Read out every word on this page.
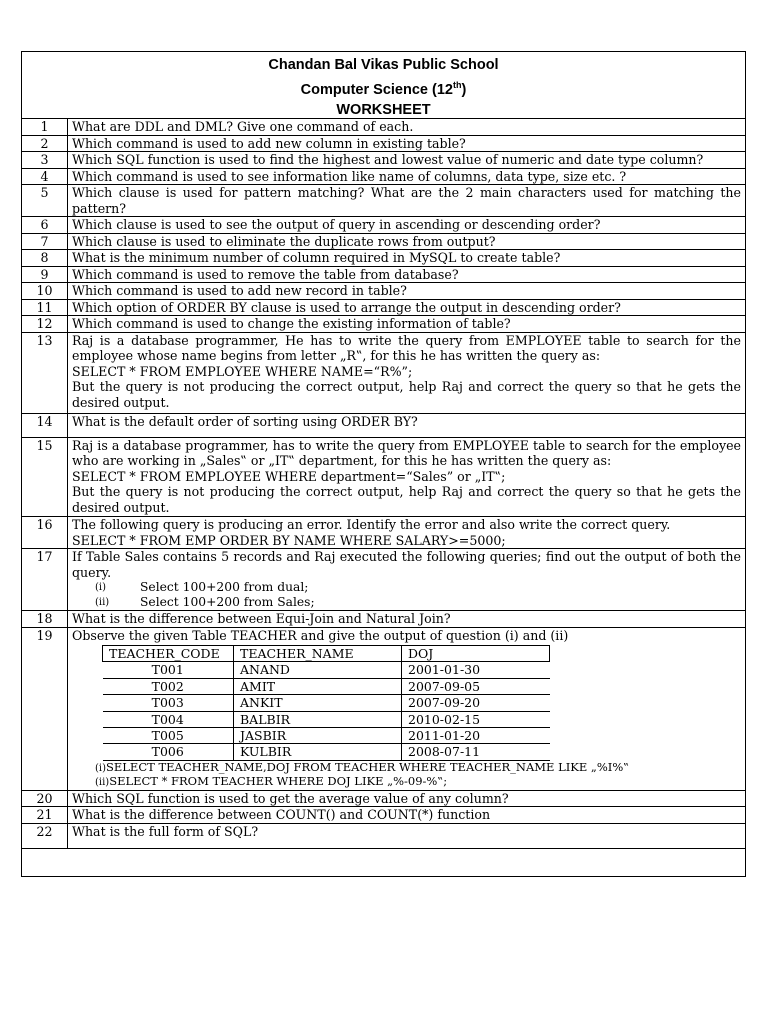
Chandan Bal Vikas Public School
Computer Science (12th)
WORKSHEET
1	What are DDL and DML? Give one command of each.

2	Which command is used to add new column in existing table?

3	Which SQL function is used to find the highest and lowest value of numeric and date type column?

4	Which command is used to see information like name of columns, data type, size etc. ?

5	Which clause is used for pattern matching? What are the 2 main characters used for matching the pattern?

6	Which clause is used to see the output of query in ascending or descending order?

7	Which clause is used to eliminate the duplicate rows from output?

8	What is the minimum number of column required in MySQL to create table?

9	Which command is used to remove the table from database?

10	Which command is used to add new record in table?

11	Which option of ORDER BY clause is used to arrange the output in descending order?

12	Which command is used to change the existing information of table?

13	Raj is a database programmer, He has to write the query from EMPLOYEE table to search for the employee whose name begins from letter „R‟, for this he has written the query as:
SELECT * FROM EMPLOYEE WHERE NAME=“R%”;
But the query is not producing the correct output, help Raj and correct the query so that he gets the desired output.

14	What is the default order of sorting using ORDER BY?

15	Raj is a database programmer, has to write the query from EMPLOYEE table to search for the employee who are working in „Sales‟ or „IT‟ department, for this he has written the query as:
SELECT * FROM EMPLOYEE WHERE department=“Sales” or „IT‟;
But the query is not producing the correct output, help Raj and correct the query so that he gets the desired output.

16	The following query is producing an error. Identify the error and also write the correct query.
SELECT * FROM EMP ORDER BY NAME WHERE SALARY>=5000;

17	If Table Sales contains 5 records and Raj executed the following queries; find out the output of both the query.
(i)	Select 100+200 from dual;
(ii)	Select 100+200 from Sales;

18	What is the difference between Equi-Join and Natural Join?

19	Observe the given Table TEACHER and give the output of question (i) and (ii)
TEACHER_CODE	TEACHER_NAME	DOJ
T001	ANAND	2001-01-30
T002	AMIT	2007-09-05
T003	ANKIT	2007-09-20
T004	BALBIR	2010-02-15
T005	JASBIR	2011-01-20
T006	KULBIR	2008-07-11
(i)SELECT TEACHER_NAME,DOJ FROM TEACHER WHERE TEACHER_NAME LIKE „%I%‟
(ii)SELECT * FROM TEACHER WHERE DOJ LIKE „%-09-%‟;

20	Which SQL function is used to get the average value of any column?

21	What is the difference between COUNT() and COUNT(*) function

22	What is the full form of SQL?
